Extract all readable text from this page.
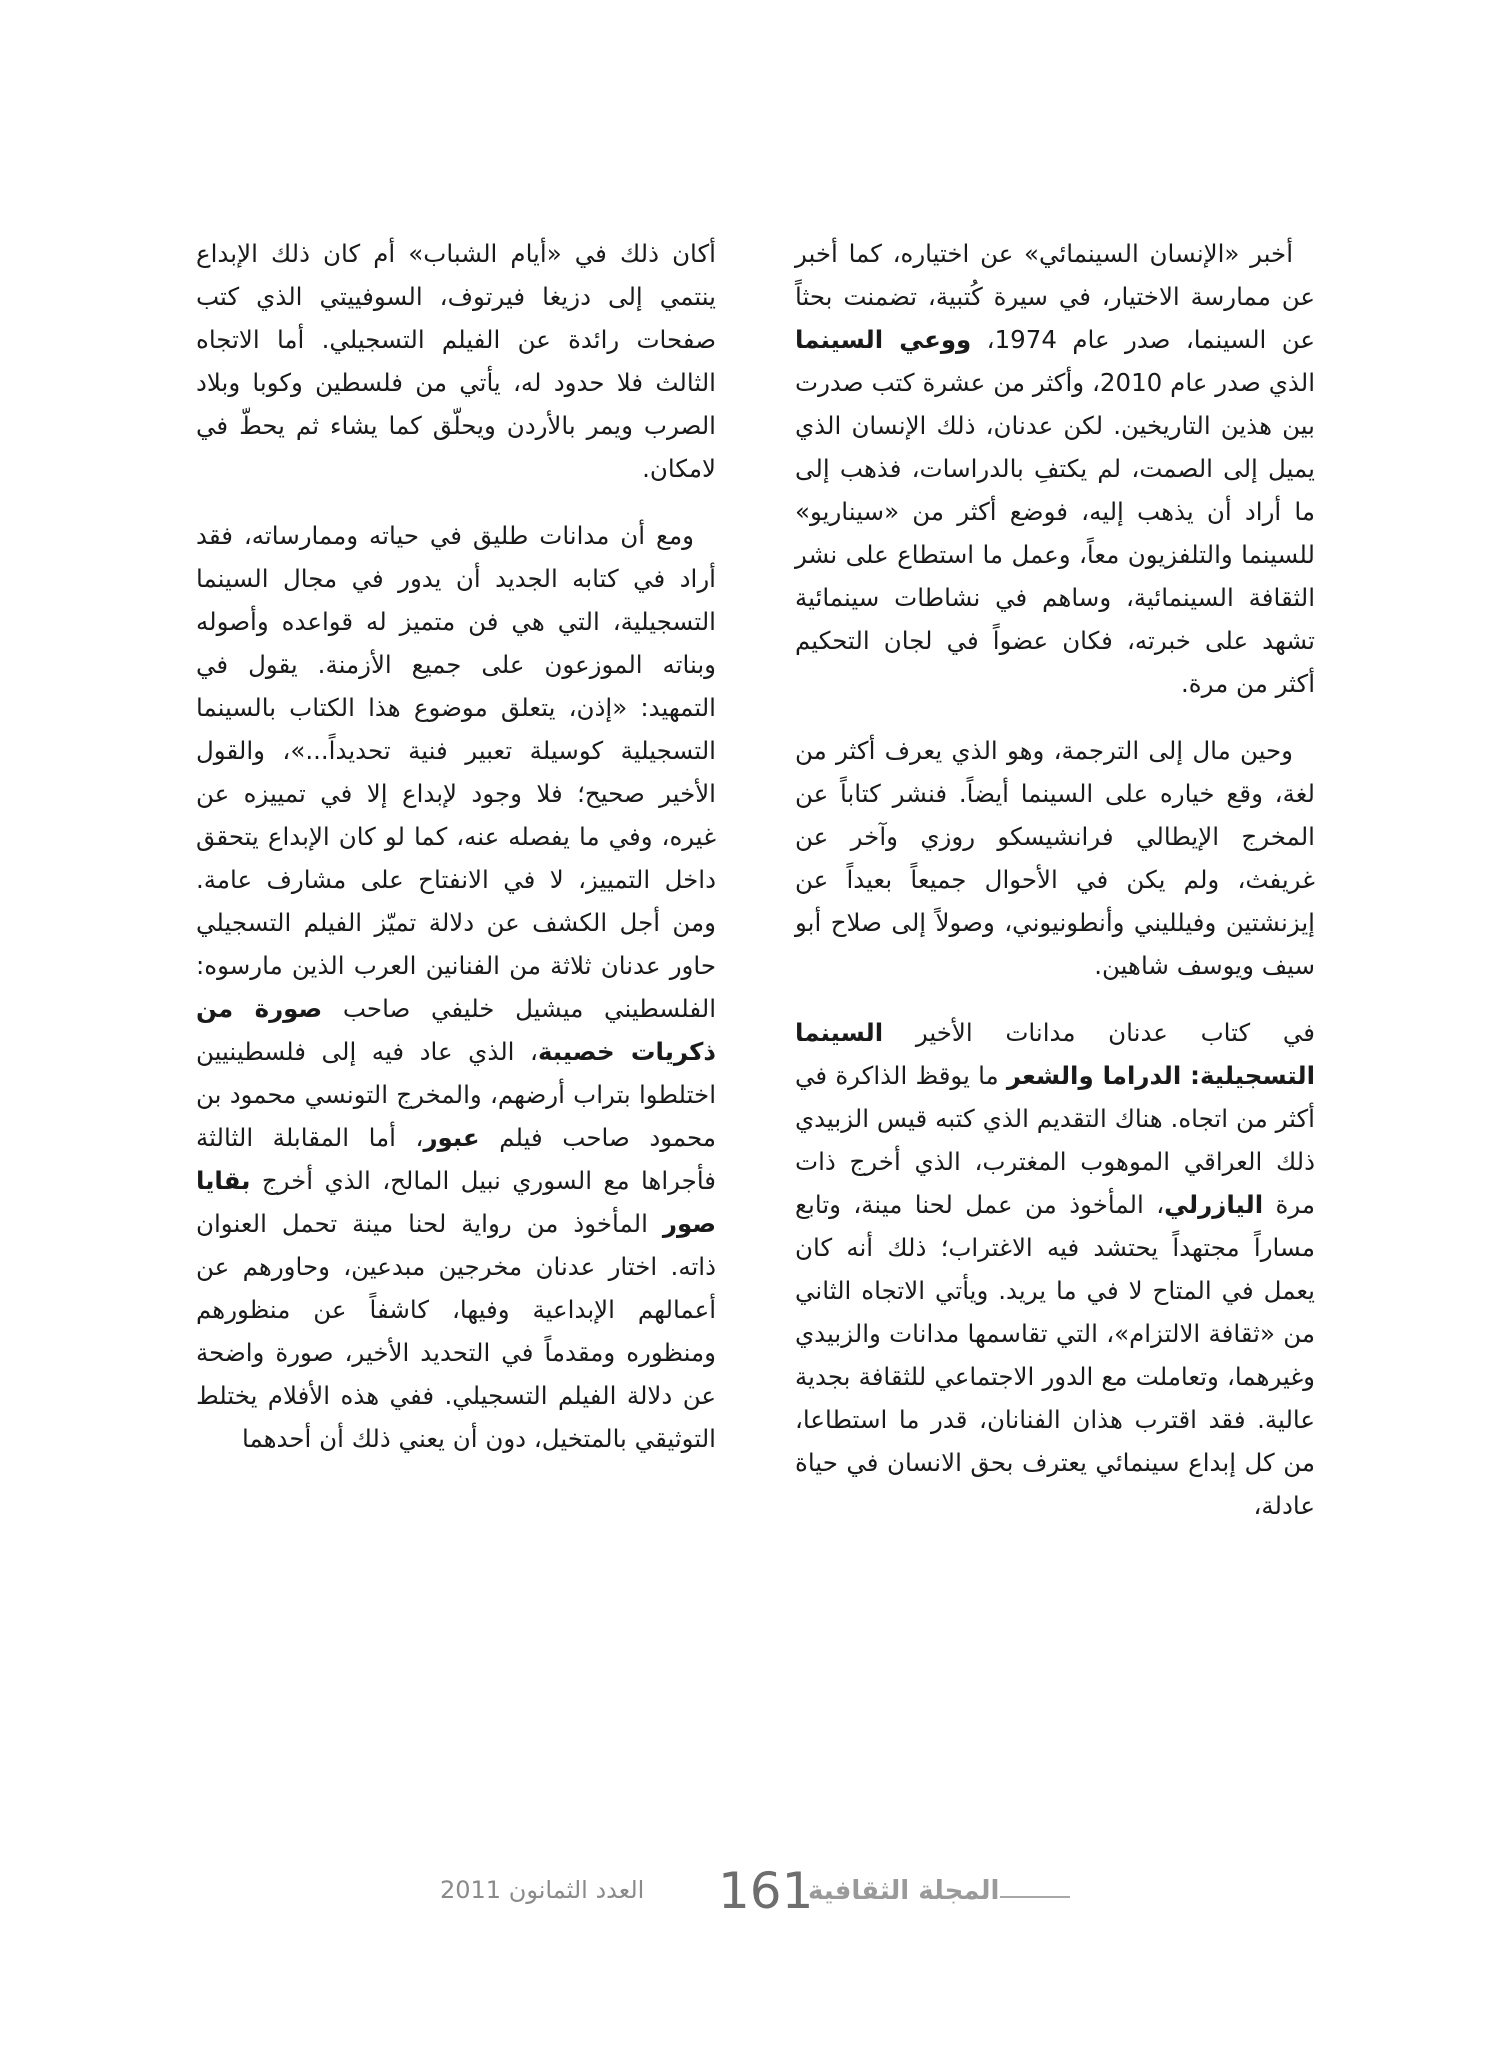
أخبر «الإنسان السينمائي» عن اختياره، كما أخبر عن ممارسة الاختيار، في سيرة كُتبية، تضمنت بحثاً عن السينما، صدر عام 1974، ووعي السينما الذي صدر عام 2010، وأكثر من عشرة كتب صدرت بين هذين التاريخين. لكن عدنان، ذلك الإنسان الذي يميل إلى الصمت، لم يكتفِ بالدراسات، فذهب إلى ما أراد أن يذهب إليه، فوضع أكثر من «سيناريو» للسينما والتلفزيون معاً، وعمل ما استطاع على نشر الثقافة السينمائية، وساهم في نشاطات سينمائية تشهد على خبرته، فكان عضواً في لجان التحكيم أكثر من مرة.

وحين مال إلى الترجمة، وهو الذي يعرف أكثر من لغة، وقع خياره على السينما أيضاً. فنشر كتاباً عن المخرج الإيطالي فرانشيسكو روزي وآخر عن غريفث، ولم يكن في الأحوال جميعاً بعيداً عن إيزنشتين وفيلليني وأنطونيوني، وصولاً إلى صلاح أبو سيف ويوسف شاهين.

في كتاب عدنان مدانات الأخير السينما التسجيلية: الدراما والشعر ما يوقظ الذاكرة في أكثر من اتجاه. هناك التقديم الذي كتبه قيس الزبيدي ذلك العراقي الموهوب المغترب، الذي أخرج ذات مرة اليازرلي، المأخوذ من عمل لحنا مينة، وتابع مساراً مجتهداً يحتشد فيه الاغتراب؛ ذلك أنه كان يعمل في المتاح لا في ما يريد. ويأتي الاتجاه الثاني من «ثقافة الالتزام»، التي تقاسمها مدانات والزبيدي وغيرهما، وتعاملت مع الدور الاجتماعي للثقافة بجدية عالية. فقد اقترب هذان الفنانان، قدر ما استطاعا، من كل إبداع سينمائي يعترف بحق الانسان في حياة عادلة،

أكان ذلك في «أيام الشباب» أم كان ذلك الإبداع ينتمي إلى دزيغا فيرتوف، السوفييتي الذي كتب صفحات رائدة عن الفيلم التسجيلي. أما الاتجاه الثالث فلا حدود له، يأتي من فلسطين وكوبا وبلاد الصرب ويمر بالأردن ويحلّق كما يشاء ثم يحطّ في لامكان.

ومع أن مدانات طليق في حياته وممارساته، فقد أراد في كتابه الجديد أن يدور في مجال السينما التسجيلية، التي هي فن متميز له قواعده وأصوله وبناته الموزعون على جميع الأزمنة. يقول في التمهيد: «إذن، يتعلق موضوع هذا الكتاب بالسينما التسجيلية كوسيلة تعبير فنية تحديداً...»، والقول الأخير صحيح؛ فلا وجود لإبداع إلا في تمييزه عن غيره، وفي ما يفصله عنه، كما لو كان الإبداع يتحقق داخل التمييز، لا في الانفتاح على مشارف عامة. ومن أجل الكشف عن دلالة تميّز الفيلم التسجيلي حاور عدنان ثلاثة من الفنانين العرب الذين مارسوه: الفلسطيني ميشيل خليفي صاحب صورة من ذكريات خصيبة، الذي عاد فيه إلى فلسطينيين اختلطوا بتراب أرضهم، والمخرج التونسي محمود بن محمود صاحب فيلم عبور، أما المقابلة الثالثة فأجراها مع السوري نبيل المالح، الذي أخرج بقايا صور المأخوذ من رواية لحنا مينة تحمل العنوان ذاته. اختار عدنان مخرجين مبدعين، وحاورهم عن أعمالهم الإبداعية وفيها، كاشفاً عن منظورهم ومنظوره ومقدماً في التحديد الأخير، صورة واضحة عن دلالة الفيلم التسجيلي. ففي هذه الأفلام يختلط التوثيقي بالمتخيل، دون أن يعني ذلك أن أحدهما

العدد الثمانون 2011 161
المجلة الثقافية
